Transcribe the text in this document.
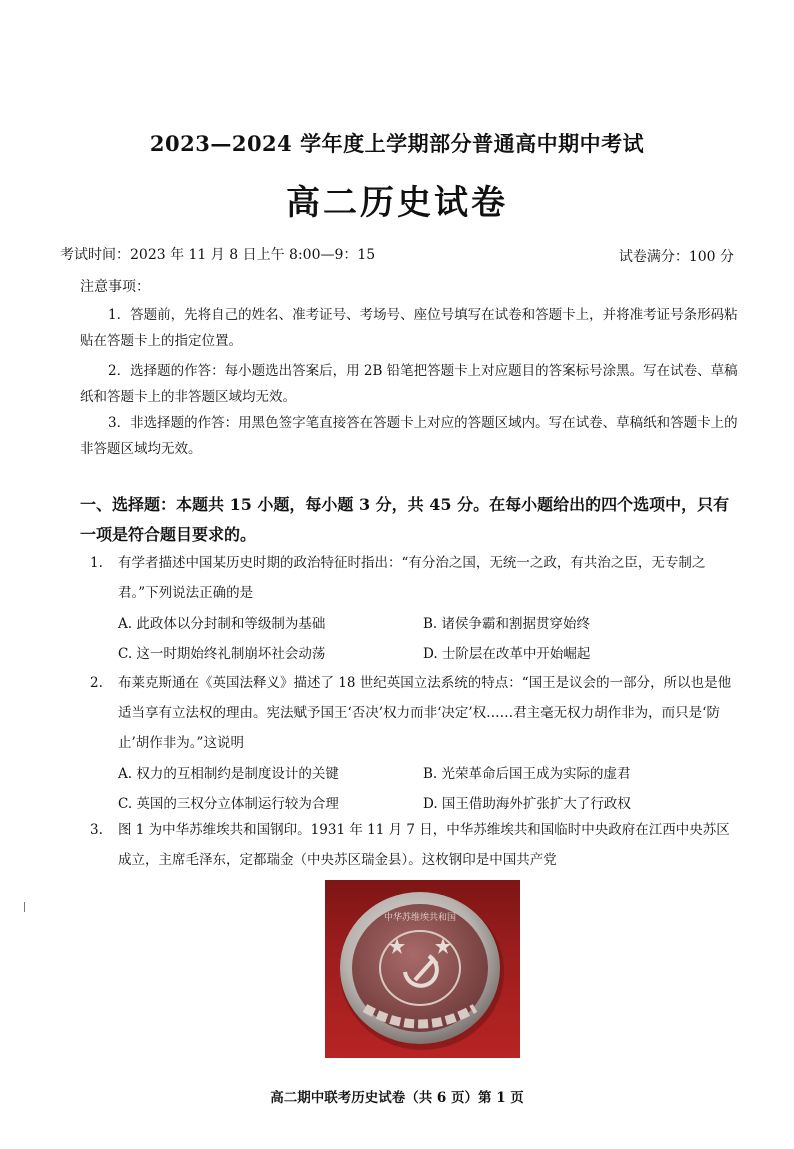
2023—2024 学年度上学期部分普通高中期中考试
高二历史试卷
考试时间：2023 年 11 月 8 日上午 8:00—9：15	试卷满分：100 分
注意事项：
1．答题前，先将自己的姓名、准考证号、考场号、座位号填写在试卷和答题卡上，并将准考证号条形码粘贴在答题卡上的指定位置。
2．选择题的作答：每小题选出答案后，用 2B 铅笔把答题卡上对应题目的答案标号涂黑。写在试卷、草稿纸和答题卡上的非答题区域均无效。
3．非选择题的作答：用黑色签字笔直接答在答题卡上对应的答题区域内。写在试卷、草稿纸和答题卡上的非答题区域均无效。
一、选择题：本题共 15 小题，每小题 3 分，共 45 分。在每小题给出的四个选项中，只有一项是符合题目要求的。
1. 有学者描述中国某历史时期的政治特征时指出：“有分治之国，无统一之政，有共治之臣，无专制之君。”下列说法正确的是
A. 此政体以分封制和等级制为基础	B. 诸侯争霸和割据贯穿始终
C. 这一时期始终礼制崩坏社会动荡	D. 士阶层在改革中开始崛起
2. 布莱克斯通在《英国法释义》描述了 18 世纪英国立法系统的特点：“国王是议会的一部分，所以也是他适当享有立法权的理由。宪法赋予国王‘否决’权力而非‘决定’权……君主毫无权力胡作非为，而只是‘防止’胡作非为。”这说明
A. 权力的互相制约是制度设计的关键	B. 光荣革命后国王成为实际的虚君
C. 英国的三权分立体制运行较为合理	D. 国王借助海外扩张扩大了行政权
3. 图 1 为中华苏维埃共和国钢印。1931 年 11 月 7 日，中华苏维埃共和国临时中央政府在江西中央苏区成立，主席毛泽东，定都瑞金（中央苏区瑞金县）。这枚钢印是中国共产党
中华苏维埃共和国
高二期中联考历史试卷（共 6 页）第 1 页
